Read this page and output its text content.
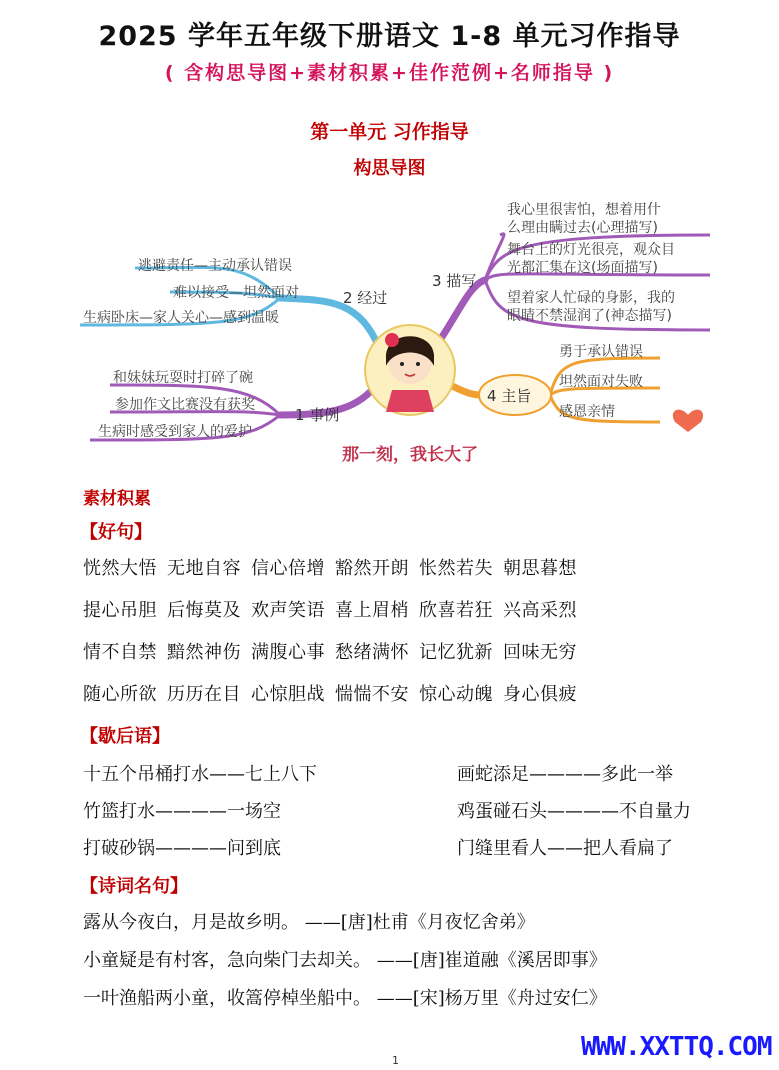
2025 学年五年级下册语文 1-8 单元习作指导
( 含构思导图+素材积累+佳作范例+名师指导 )
第一单元 习作指导
构思导图
2 经过
1 事例
3 描写
4 主旨
逃避责任—主动承认错误
难以接受—坦然面对
生病卧床—家人关心—感到温暖
和妹妹玩耍时打碎了碗
参加作文比赛没有获奖
生病时感受到家人的爱护
我心里很害怕，想着用什
么理由瞒过去(心理描写)
舞台上的灯光很亮，观众目
光都汇集在这(场面描写)
望着家人忙碌的身影，我的
眼睛不禁湿润了(神态描写)
勇于承认错误
坦然面对失败
感恩亲情
那一刻，我长大了
素材积累
【好句】
恍然大悟 无地自容 信心倍增 豁然开朗 怅然若失 朝思暮想
提心吊胆 后悔莫及 欢声笑语 喜上眉梢 欣喜若狂 兴高采烈
情不自禁 黯然神伤 满腹心事 愁绪满怀 记忆犹新 回味无穷
随心所欲 历历在目 心惊胆战 惴惴不安 惊心动魄 身心俱疲
【歇后语】
十五个吊桶打水——七上八下	画蛇添足————多此一举
竹篮打水————一场空	鸡蛋碰石头————不自量力
打破砂锅————问到底	门缝里看人——把人看扁了
【诗词名句】
露从今夜白，月是故乡明。 ——[唐]杜甫《月夜忆舍弟》
小童疑是有村客，急向柴门去却关。 ——[唐]崔道融《溪居即事》
一叶渔船两小童，收篙停棹坐船中。 ——[宋]杨万里《舟过安仁》
1	WWW.XXTTQ.COM
